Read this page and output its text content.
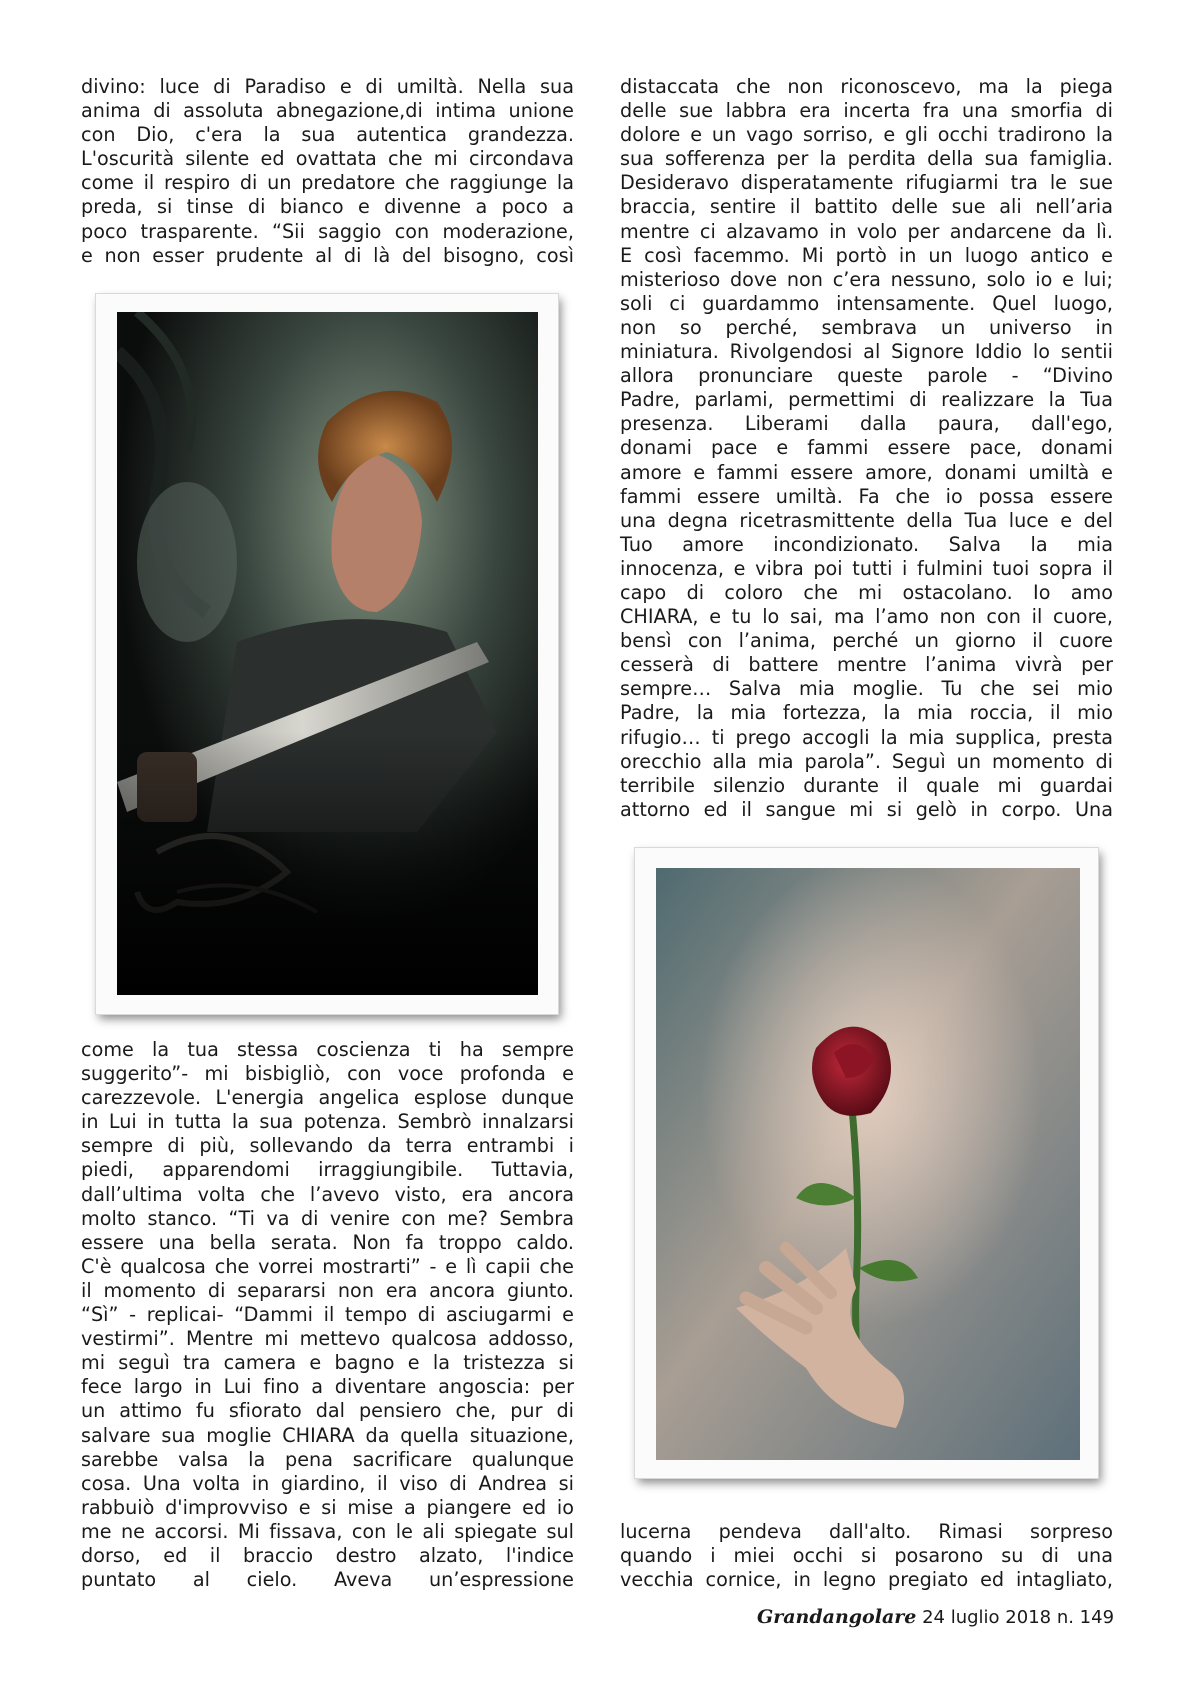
divino: luce di Paradiso e di umiltà. Nella sua

anima di assoluta abnegazione,di intima unione

con Dio, c'era la sua autentica grandezza.

L'oscurità silente ed ovattata che mi circondava

come il respiro di un predatore che raggiunge la

preda, si tinse di bianco e divenne a poco a

poco trasparente. “Sii saggio con moderazione,

e non esser prudente al di là del bisogno, così

come la tua stessa coscienza ti ha sempre

suggerito”- mi bisbigliò, con voce profonda e

carezzevole. L'energia angelica esplose dunque

in Lui in tutta la sua potenza. Sembrò innalzarsi

sempre di più, sollevando da terra entrambi i

piedi, apparendomi irraggiungibile. Tuttavia,

dall’ultima volta che l’avevo visto, era ancora

molto stanco. “Ti va di venire con me? Sembra

essere una bella serata. Non fa troppo caldo.

C'è qualcosa che vorrei mostrarti” - e lì capii che

il momento di separarsi non era ancora giunto.

“Sì” - replicai- “Dammi il tempo di asciugarmi e

vestirmi”. Mentre mi mettevo qualcosa addosso,

mi seguì tra camera e bagno e la tristezza si

fece largo in Lui fino a diventare angoscia: per

un attimo fu sfiorato dal pensiero che, pur di

salvare sua moglie CHIARA da quella situazione,

sarebbe valsa la pena sacrificare qualunque

cosa. Una volta in giardino, il viso di Andrea si

rabbuiò d'improvviso e si mise a piangere ed io

me ne accorsi. Mi fissava, con le ali spiegate sul

dorso, ed il braccio destro alzato, l'indice

puntato al cielo. Aveva un’espressione

distaccata che non riconoscevo, ma la piega

delle sue labbra era incerta fra una smorfia di

dolore e un vago sorriso, e gli occhi tradirono la

sua sofferenza per la perdita della sua famiglia.

Desideravo disperatamente rifugiarmi tra le sue

braccia, sentire il battito delle sue ali nell’aria

mentre ci alzavamo in volo per andarcene da lì.

E così facemmo. Mi portò in un luogo antico e

misterioso dove non c’era nessuno, solo io e lui;

soli ci guardammo intensamente. Quel luogo,

non so perché, sembrava un universo in

miniatura. Rivolgendosi al Signore Iddio lo sentii

allora pronunciare queste parole - “Divino

Padre, parlami, permettimi di realizzare la Tua

presenza. Liberami dalla paura, dall'ego,

donami pace e fammi essere pace, donami

amore e fammi essere amore, donami umiltà e

fammi essere umiltà. Fa che io possa essere

una degna ricetrasmittente della Tua luce e del

Tuo amore incondizionato. Salva la mia

innocenza, e vibra poi tutti i fulmini tuoi sopra il

capo di coloro che mi ostacolano. Io amo

CHIARA, e tu lo sai, ma l’amo non con il cuore,

bensì con l’anima, perché un giorno il cuore

cesserà di battere mentre l’anima vivrà per

sempre… Salva mia moglie. Tu che sei mio

Padre, la mia fortezza, la mia roccia, il mio

rifugio… ti prego accogli la mia supplica, presta

orecchio alla mia parola”. Seguì un momento di

terribile silenzio durante il quale mi guardai

attorno ed il sangue mi si gelò in corpo. Una

lucerna pendeva dall'alto. Rimasi sorpreso

quando i miei occhi si posarono su di una

vecchia cornice, in legno pregiato ed intagliato,

Grandangolare 24 luglio 2018 n. 149
